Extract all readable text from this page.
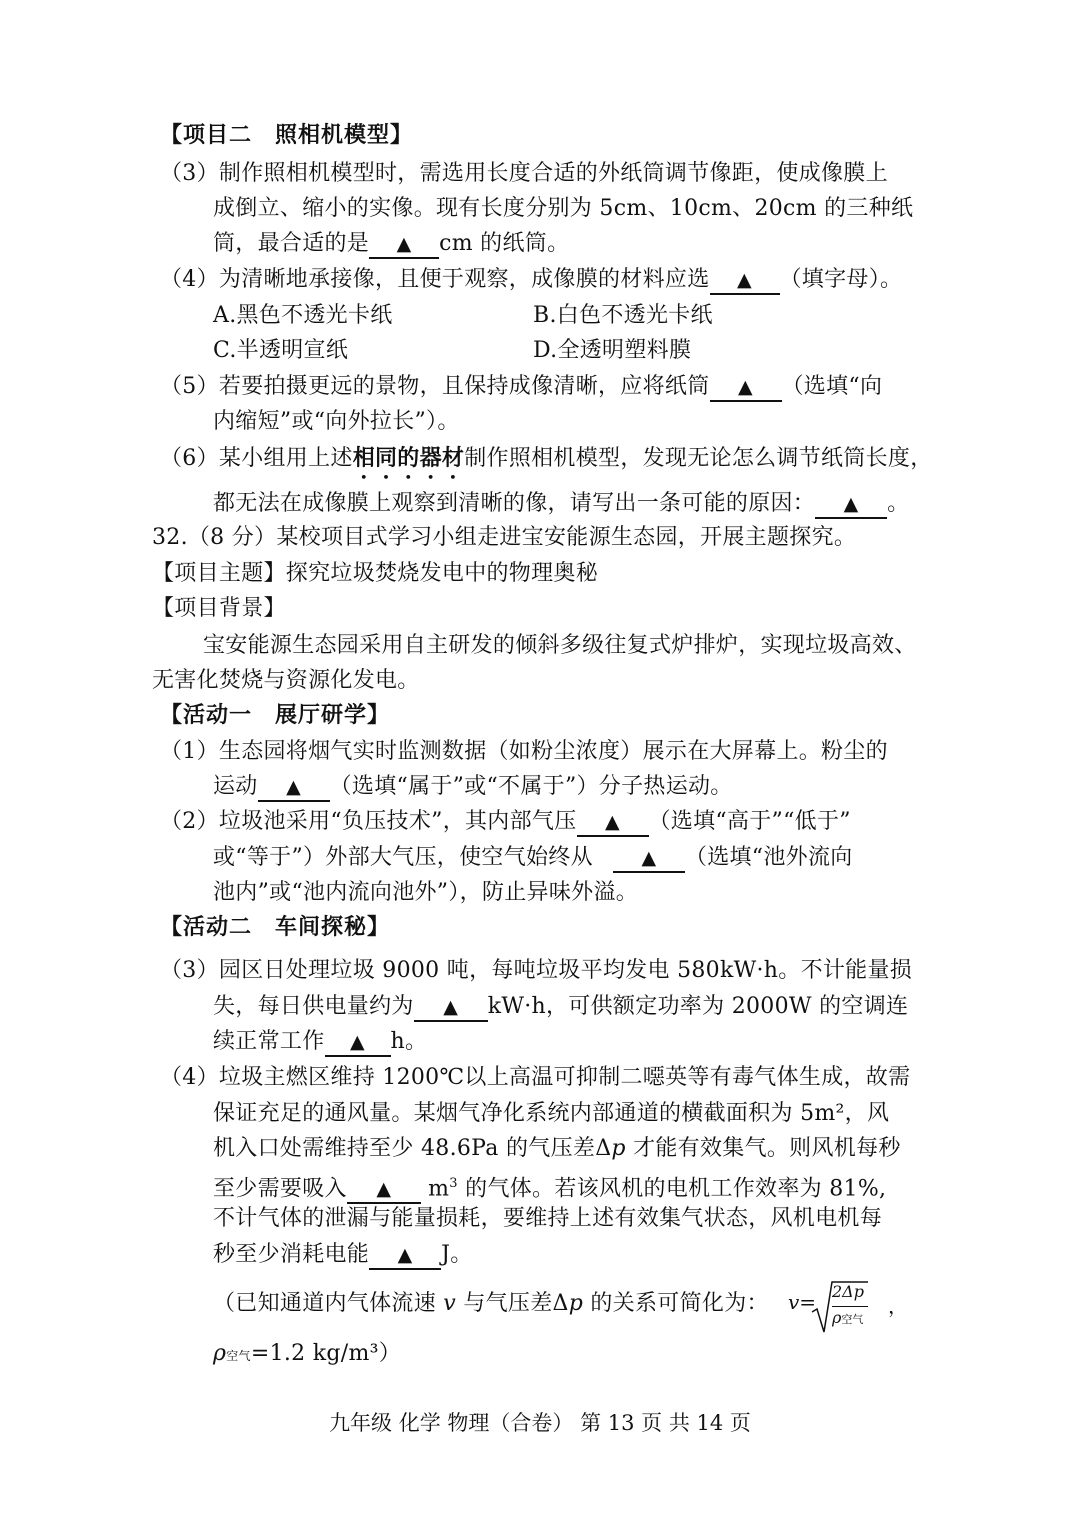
【项目二　照相机模型】
（3）制作照相机模型时，需选用长度合适的外纸筒调节像距，使成像膜上
成倒立、缩小的实像。现有长度分别为 5cm、10cm、20cm 的三种纸
筒，最合适的是 ▲ cm 的纸筒。
（4）为清晰地承接像，且便于观察，成像膜的材料应选 ▲ （填字母）。
A.黑色不透光卡纸	B.白色不透光卡纸
C.半透明宣纸	D.全透明塑料膜
（5）若要拍摄更远的景物，且保持成像清晰，应将纸筒 ▲ （选填“向
内缩短”或“向外拉长”）。
（6）某小组用上述相同的器材制作照相机模型，发现无论怎么调节纸筒长度，
都无法在成像膜上观察到清晰的像，请写出一条可能的原因： ▲ 。
32.（8 分）某校项目式学习小组走进宝安能源生态园，开展主题探究。
【项目主题】探究垃圾焚烧发电中的物理奥秘
【项目背景】
宝安能源生态园采用自主研发的倾斜多级往复式炉排炉，实现垃圾高效、
无害化焚烧与资源化发电。
【活动一　展厅研学】
（1）生态园将烟气实时监测数据（如粉尘浓度）展示在大屏幕上。粉尘的
运动 ▲ （选填“属于”或“不属于”）分子热运动。
（2）垃圾池采用“负压技术”，其内部气压 ▲ （选填“高于”“低于”
或“等于”）外部大气压，使空气始终从	▲ （选填“池外流向
池内”或“池内流向池外”），防止异味外溢。
【活动二　车间探秘】
（3）园区日处理垃圾 9000 吨，每吨垃圾平均发电 580kW·h。不计能量损
失，每日供电量约为 ▲ kW·h，可供额定功率为 2000W 的空调连
续正常工作 ▲ h。
（4）垃圾主燃区维持 1200℃以上高温可抑制二噁英等有毒气体生成，故需
保证充足的通风量。某烟气净化系统内部通道的横截面积为 5m²，风
机入口处需维持至少 48.6Pa 的气压差Δp 才能有效集气。则风机每秒
至少需要吸入 ▲ $m^3$ 的气体。若该风机的电机工作效率为 81%,
不计气体的泄漏与能量损耗，要维持上述有效集气状态，风机电机每
秒至少消耗电能 ▲ J。
（已知通道内气体流速 v 与气压差Δp 的关系可简化为： v= 2Δp
ρ空气
，
ρ空气=1.2 kg/m³）
九年级 化学 物理（合卷） 第 13 页 共 14 页
